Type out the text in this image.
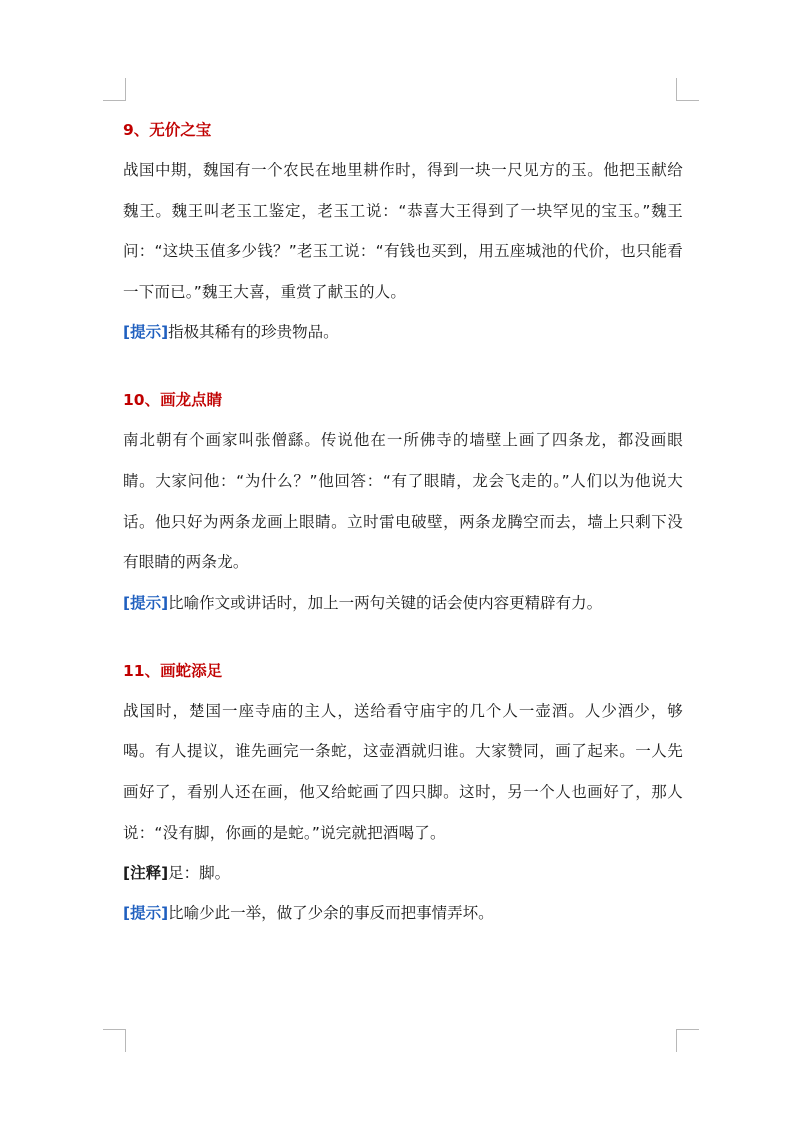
9、无价之宝

战国中期，魏国有一个农民在地里耕作时，得到一块一尺见方的玉。他把玉献给魏王。魏王叫老玉工鉴定，老玉工说：“恭喜大王得到了一块罕见的宝玉。”魏王问：“这块玉值多少钱？”老玉工说：“有钱也买到，用五座城池的代价，也只能看一下而已。”魏王大喜，重赏了献玉的人。

[提示]指极其稀有的珍贵物品。

10、画龙点睛

南北朝有个画家叫张僧繇。传说他在一所佛寺的墙壁上画了四条龙，都没画眼睛。大家问他：“为什么？”他回答：“有了眼睛，龙会飞走的。”人们以为他说大话。他只好为两条龙画上眼睛。立时雷电破壁，两条龙腾空而去，墙上只剩下没有眼睛的两条龙。

[提示]比喻作文或讲话时，加上一两句关键的话会使内容更精辟有力。

11、画蛇添足

战国时，楚国一座寺庙的主人，送给看守庙宇的几个人一壶酒。人少酒少，够喝。有人提议，谁先画完一条蛇，这壶酒就归谁。大家赞同，画了起来。一人先画好了，看别人还在画，他又给蛇画了四只脚。这时，另一个人也画好了，那人说：“没有脚，你画的是蛇。”说完就把酒喝了。

[注释]足：脚。

[提示]比喻少此一举，做了少余的事反而把事情弄坏。
